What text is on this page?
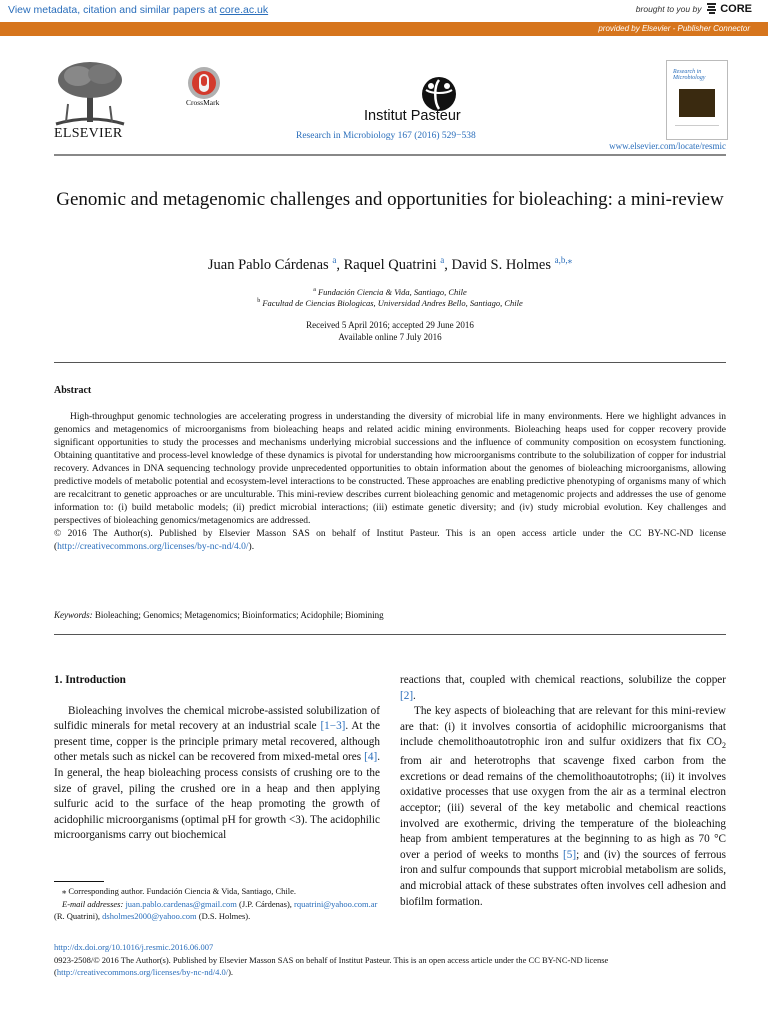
View metadata, citation and similar papers at core.ac.uk	brought to you by CORE
provided by Elsevier - Publisher Connector
ELSEVIER
CrossMark
Institut Pasteur
Research in Microbiology 167 (2016) 529−538
Research in Microbiology
www.elsevier.com/locate/resmic
Genomic and metagenomic challenges and opportunities for bioleaching: a mini-review
Juan Pablo Cárdenas $^a$, Raquel Quatrini $^a$, David S. Holmes $^{a,b,⁎}$
$^a$ Fundación Ciencia & Vida, Santiago, Chile
$^b$ Facultad de Ciencias Biologicas, Universidad Andres Bello, Santiago, Chile
Received 5 April 2016; accepted 29 June 2016
Available online 7 July 2016
Abstract

High-throughput genomic technologies are accelerating progress in understanding the diversity of microbial life in many environments. Here we highlight advances in genomics and metagenomics of microorganisms from bioleaching heaps and related acidic mining environments. Bioleaching heaps used for copper recovery provide significant opportunities to study the processes and mechanisms underlying microbial successions and the influence of community composition on ecosystem functioning. Obtaining quantitative and process-level knowledge of these dynamics is pivotal for understanding how microorganisms contribute to the solubilization of copper for industrial recovery. Advances in DNA sequencing technology provide unprecedented opportunities to obtain information about the genomes of bioleaching microorganisms, allowing predictive models of metabolic potential and ecosystem-level interactions to be constructed. These approaches are enabling predictive phenotyping of organisms many of which are recalcitrant to genetic approaches or are unculturable. This mini-review describes current bioleaching genomic and metagenomic projects and addresses the use of genome information to: (i) build metabolic models; (ii) predict microbial interactions; (iii) estimate genetic diversity; and (iv) study microbial evolution. Key challenges and perspectives of bioleaching genomics/metagenomics are addressed.

© 2016 The Author(s). Published by Elsevier Masson SAS on behalf of Institut Pasteur. This is an open access article under the CC BY-NC-ND license (http://creativecommons.org/licenses/by-nc-nd/4.0/).

Keywords: Bioleaching; Genomics; Metagenomics; Bioinformatics; Acidophile; Biomining

1. Introduction

Bioleaching involves the chemical microbe-assisted solubilization of sulfidic minerals for metal recovery at an industrial scale [1−3]. At the present time, copper is the principle primary metal recovered, although other metals such as nickel can be recovered from mixed-metal ores [4]. In general, the heap bioleaching process consists of crushing ore to the size of gravel, piling the crushed ore in a heap and then applying sulfuric acid to the surface of the heap promoting the growth of acidophilic microorganisms (optimal pH for growth <3). The acidophilic microorganisms carry out biochemical

reactions that, coupled with chemical reactions, solubilize the copper [2].

The key aspects of bioleaching that are relevant for this mini-review are that: (i) it involves consortia of acidophilic microorganisms that include chemolithoautotrophic iron and sulfur oxidizers that fix $CO_2$ from air and heterotrophs that scavenge fixed carbon from the excretions or dead remains of the chemolithoautotrophs; (ii) it involves oxidative processes that use oxygen from the air as a terminal electron acceptor; (iii) several of the key metabolic and chemical reactions involved are exothermic, driving the temperature of the bioleaching heap from ambient temperatures at the beginning to as high as 70 °C over a period of weeks to months [5]; and (iv) the sources of ferrous iron and sulfur compounds that support microbial metabolism are solids, and microbial attack of these substrates often involves cell adhesion and biofilm formation.

⁎ Corresponding author. Fundación Ciencia & Vida, Santiago, Chile.

E-mail addresses: juan.pablo.cardenas@gmail.com (J.P. Cárdenas), rquatrini@yahoo.com.ar (R. Quatrini), dsholmes2000@yahoo.com (D.S. Holmes).

http://dx.doi.org/10.1016/j.resmic.2016.06.007
0923-2508/© 2016 The Author(s). Published by Elsevier Masson SAS on behalf of Institut Pasteur. This is an open access article under the CC BY-NC-ND license (http://creativecommons.org/licenses/by-nc-nd/4.0/).
